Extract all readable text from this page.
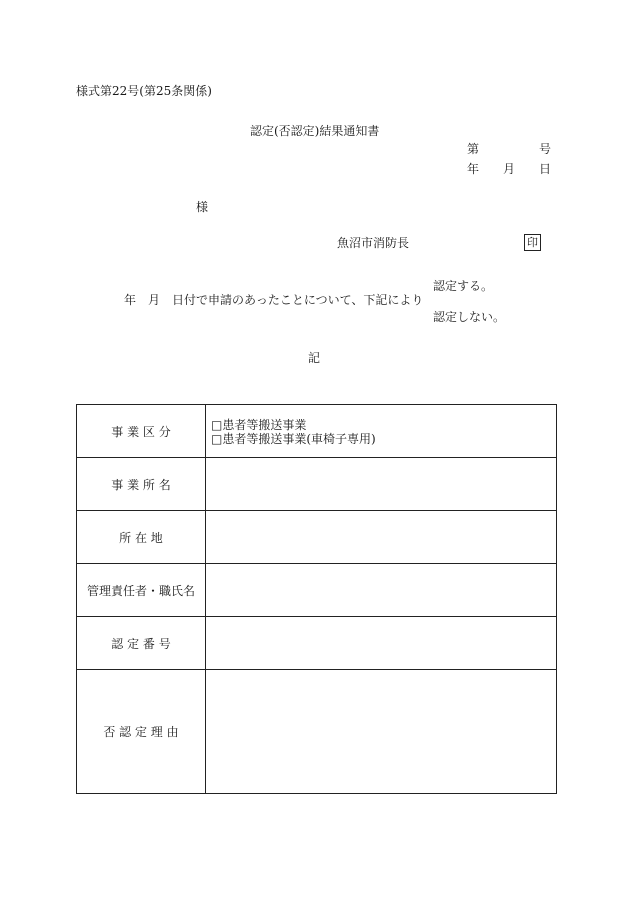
様式第22号(第25条関係)
認定(否認定)結果通知書
第	号
年 月 日
様
魚沼市消防長	印
認定する。
年 月 日付で申請のあったことについて、下記により
認定しない。
記
事 業 区 分	□患者等搬送事業
□患者等搬送事業(車椅子専用)

事 業 所 名	
所 在 地	
管理責任者・職氏名	
認 定 番 号	
否 認 定 理 由	
